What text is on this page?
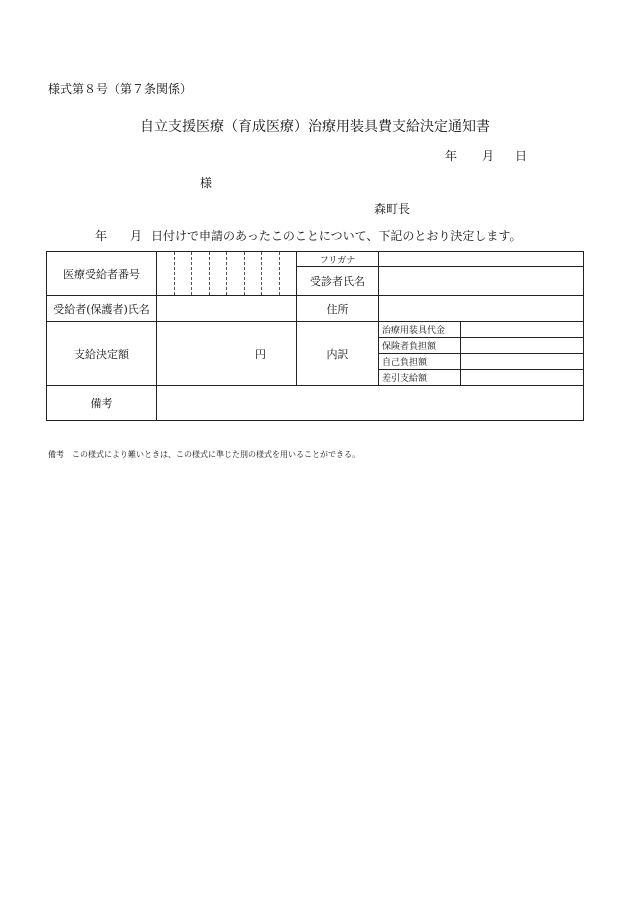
様式第８号（第７条関係）
自立支援医療（育成医療）治療用装具費支給決定通知書
年 月 日
様
森町長
年 月 日付けで申請のあったこのことについて、下記のとおり決定します。
医療受給者番号		フリガナ		
		受診者氏名		
受給者(保護者)氏名		住所		
支給決定額	円	内訳	治療用装具代金	
			保険者負担額	
			自己負担額	
			差引支給額	
備考				
備考　この様式により難いときは、この様式に準じた別の様式を用いることができる。
